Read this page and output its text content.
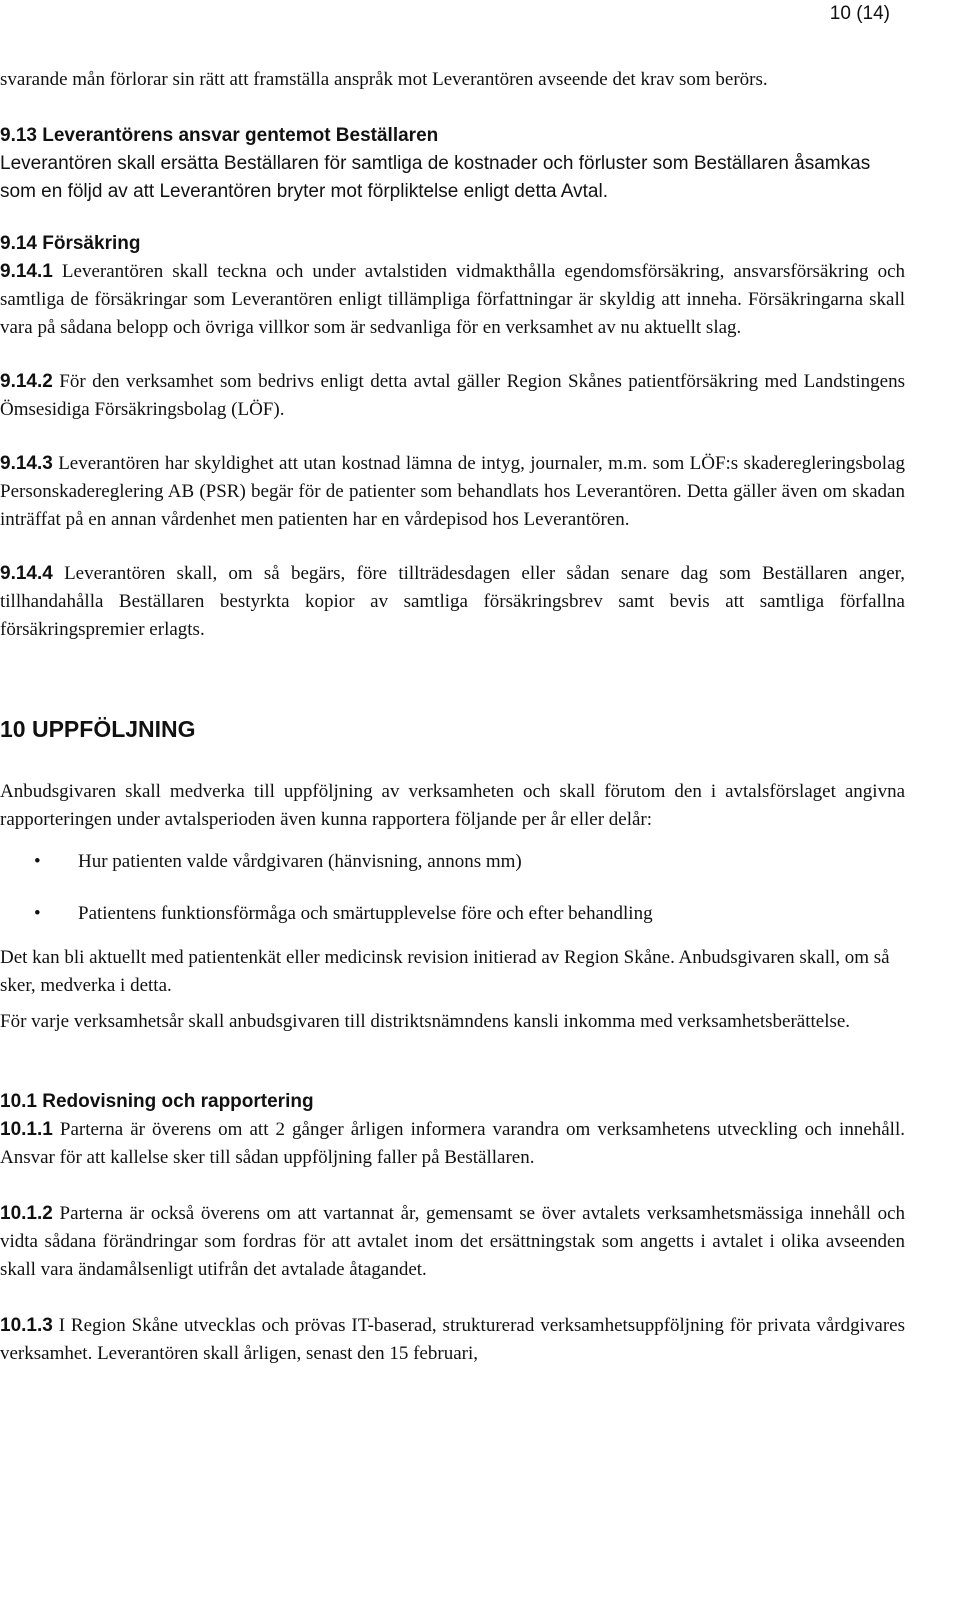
10 (14)

svarande mån förlorar sin rätt att framställa anspråk mot Leverantören avseende det krav som berörs.

9.13 Leverantörens ansvar gentemot Beställaren

Leverantören skall ersätta Beställaren för samtliga de kostnader och förluster som Beställaren åsamkas som en följd av att Leverantören bryter mot förpliktelse enligt detta Avtal.

9.14 Försäkring

9.14.1 Leverantören skall teckna och under avtalstiden vidmakthålla egendomsförsäkring, ansvarsförsäkring och samtliga de försäkringar som Leverantören enligt tillämpliga författningar är skyldig att inneha. Försäkringarna skall vara på sådana belopp och övriga villkor som är sedvanliga för en verksamhet av nu aktuellt slag.

9.14.2 För den verksamhet som bedrivs enligt detta avtal gäller Region Skånes patientförsäkring med Landstingens Ömsesidiga Försäkringsbolag (LÖF).

9.14.3 Leverantören har skyldighet att utan kostnad lämna de intyg, journaler, m.m. som LÖF:s skaderegleringsbolag Personskadereglering AB (PSR) begär för de patienter som behandlats hos Leverantören. Detta gäller även om skadan inträffat på en annan vårdenhet men patienten har en vårdepisod hos Leverantören.

9.14.4 Leverantören skall, om så begärs, före tillträdesdagen eller sådan senare dag som Beställaren anger, tillhandahålla Beställaren bestyrkta kopior av samtliga försäkringsbrev samt bevis att samtliga förfallna försäkringspremier erlagts.

10 UPPFÖLJNING

Anbudsgivaren skall medverka till uppföljning av verksamheten och skall förutom den i avtalsförslaget angivna rapporteringen under avtalsperioden även kunna rapportera följande per år eller delår:

• Hur patienten valde vårdgivaren (hänvisning, annons mm)
• Patientens funktionsförmåga och smärtupplevelse före och efter behandling

Det kan bli aktuellt med patientenkät eller medicinsk revision initierad av Region Skåne. Anbudsgivaren skall, om så sker, medverka i detta.

För varje verksamhetsår skall anbudsgivaren till distriktsnämndens kansli inkomma med verksamhetsberättelse.

10.1 Redovisning och rapportering

10.1.1 Parterna är överens om att 2 gånger årligen informera varandra om verksamhetens utveckling och innehåll. Ansvar för att kallelse sker till sådan uppföljning faller på Beställaren.

10.1.2 Parterna är också överens om att vartannat år, gemensamt se över avtalets verksamhetsmässiga innehåll och vidta sådana förändringar som fordras för att avtalet inom det ersättningstak som angetts i avtalet i olika avseenden skall vara ändamålsenligt utifrån det avtalade åtagandet.

10.1.3 I Region Skåne utvecklas och prövas IT-baserad, strukturerad verksamhetsuppföljning för privata vårdgivares verksamhet. Leverantören skall årligen, senast den 15 februari,
